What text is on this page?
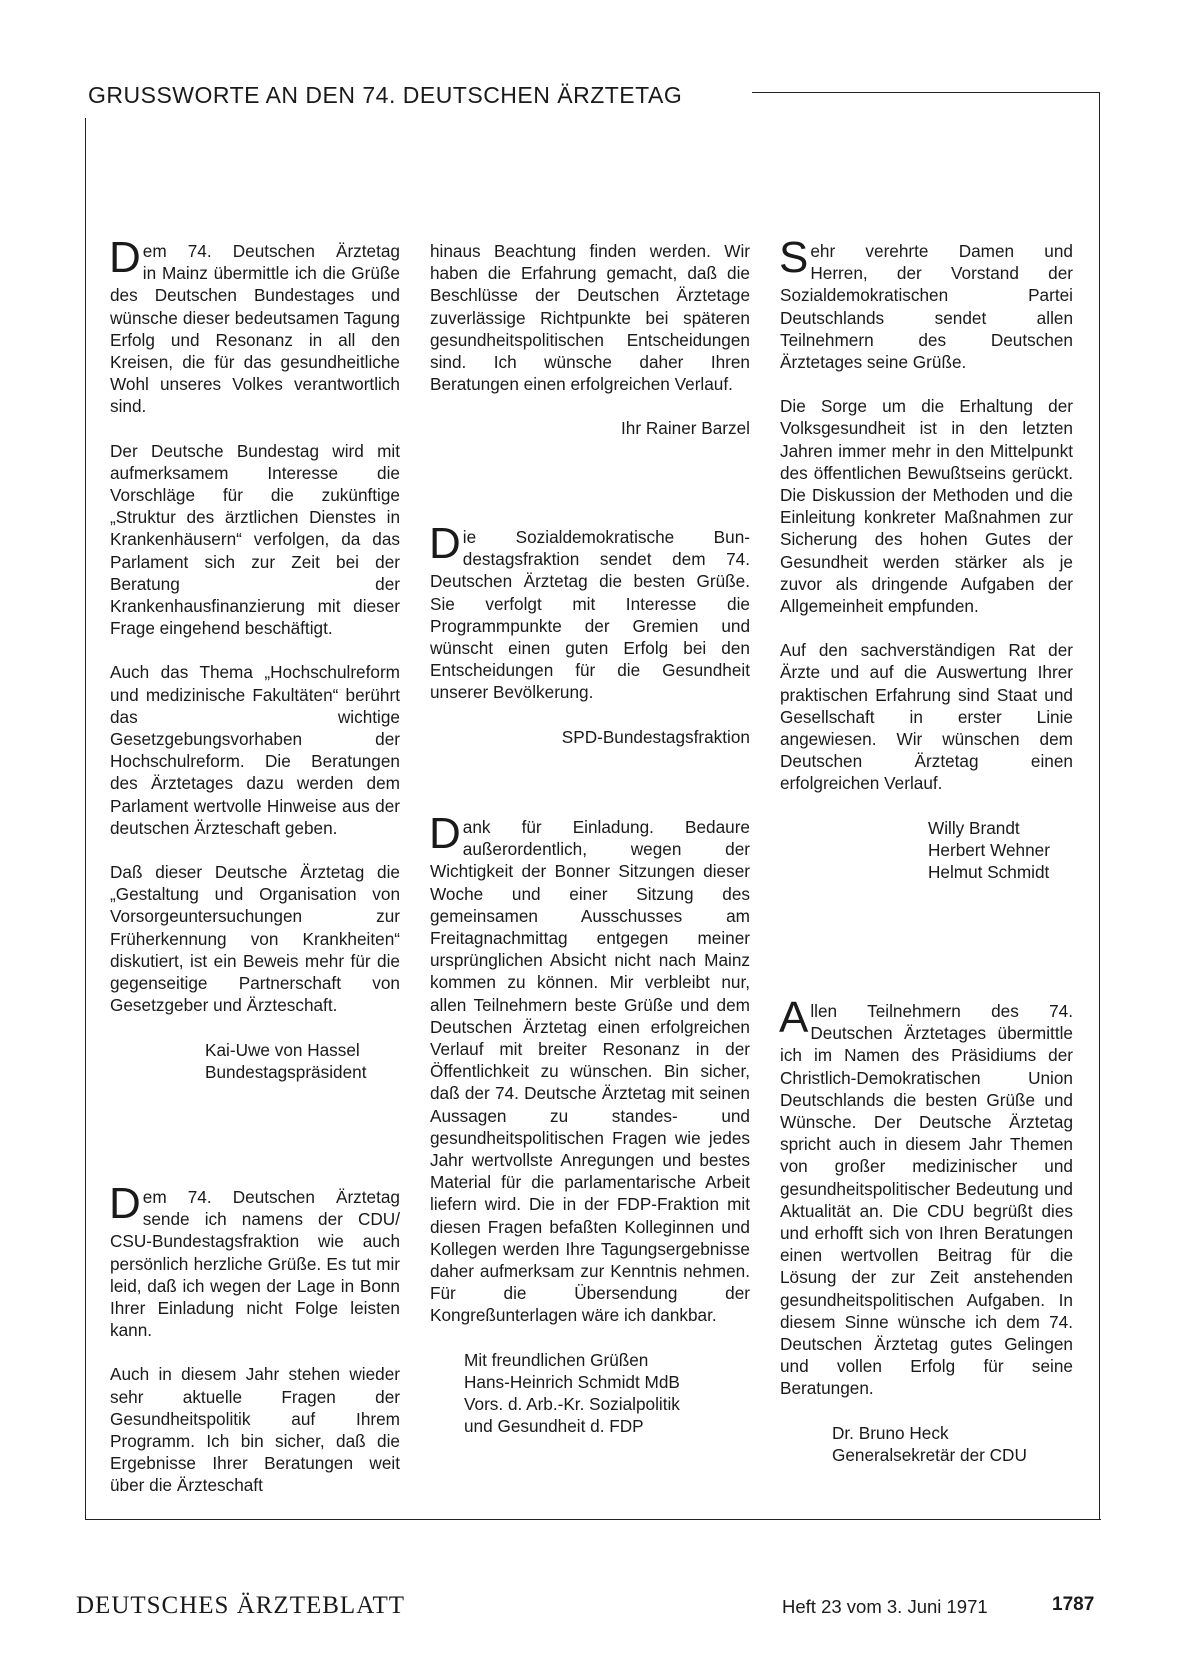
GRUSSWORTE AN DEN 74. DEUTSCHEN ÄRZTETAG

Dem 74. Deutschen Ärztetag

in Mainz übermittle ich die Grüße des Deutschen Bundestages und wünsche dieser bedeutsamen Tagung Erfolg und Resonanz in all den Kreisen, die für das gesundheitliche Wohl unseres Volkes verantwortlich sind.

Der Deutsche Bundestag wird mit aufmerksamem Interesse die Vorschläge für die zukünftige „Struktur des ärztlichen Dienstes in Krankenhäusern“ verfolgen, da das Parlament sich zur Zeit bei der Beratung der Krankenhausfinanzierung mit dieser Frage eingehend beschäftigt.

Auch das Thema „Hochschulreform und medizinische Fakultäten“ berührt das wichtige Gesetzgebungsvorhaben der Hochschulreform. Die Beratungen des Ärztetages dazu werden dem Parlament wertvolle Hinweise aus der deutschen Ärzteschaft geben.

Daß dieser Deutsche Ärztetag die „Gestaltung und Organisation von Vorsorgeuntersuchungen zur Früherkennung von Krankheiten“ diskutiert, ist ein Beweis mehr für die gegenseitige Partnerschaft von Gesetzgeber und Ärzteschaft.

Kai-Uwe von Hassel

Bundestagspräsident

Dem 74. Deutschen Ärztetag

sende ich namens der CDU/ CSU-Bundestagsfraktion wie auch persönlich herzliche Grüße. Es tut mir leid, daß ich wegen der Lage in Bonn Ihrer Einladung nicht Folge leisten kann.

Auch in diesem Jahr stehen wieder sehr aktuelle Fragen der Gesundheitspolitik auf Ihrem Programm. Ich bin sicher, daß die Ergebnisse Ihrer Beratungen weit über die Ärzteschaft

hinaus Beachtung finden werden. Wir haben die Erfahrung gemacht, daß die Beschlüsse der Deutschen Ärztetage zuverlässige Richtpunkte bei späteren gesundheitspolitischen Entscheidungen sind. Ich wünsche daher Ihren Beratungen einen erfolgreichen Verlauf.

Ihr Rainer Barzel

Die Sozialdemokratische Bun-

destagsfraktion sendet dem 74. Deutschen Ärztetag die besten Grüße. Sie verfolgt mit Interesse die Programmpunkte der Gremien und wünscht einen guten Erfolg bei den Entscheidungen für die Gesundheit unserer Bevölkerung.

SPD-Bundestagsfraktion

Dank für Einladung. Bedaure

außerordentlich, wegen der Wichtigkeit der Bonner Sitzungen dieser Woche und einer Sitzung des gemeinsamen Ausschusses am Freitagnachmittag entgegen meiner ursprünglichen Absicht nicht nach Mainz kommen zu können. Mir verbleibt nur, allen Teilnehmern beste Grüße und dem Deutschen Ärztetag einen erfolgreichen Verlauf mit breiter Resonanz in der Öffentlichkeit zu wünschen. Bin sicher, daß der 74. Deutsche Ärztetag mit seinen Aussagen zu standes- und gesundheitspolitischen Fragen wie jedes Jahr wertvollste Anregungen und bestes Material für die parlamentarische Arbeit liefern wird. Die in der FDP-Fraktion mit diesen Fragen befaßten Kolleginnen und Kollegen werden Ihre Tagungsergebnisse daher aufmerksam zur Kenntnis nehmen. Für die Übersendung der Kongreßunterlagen wäre ich dankbar.

Mit freundlichen Grüßen

Hans-Heinrich Schmidt MdB

Vors. d. Arb.-Kr. Sozialpolitik

und Gesundheit d. FDP

Sehr verehrte Damen und

Herren, der Vorstand der Sozialdemokratischen Partei Deutschlands sendet allen Teilnehmern des Deutschen Ärztetages seine Grüße.

Die Sorge um die Erhaltung der Volksgesundheit ist in den letzten Jahren immer mehr in den Mittelpunkt des öffentlichen Bewußtseins gerückt. Die Diskussion der Methoden und die Einleitung konkreter Maßnahmen zur Sicherung des hohen Gutes der Gesundheit werden stärker als je zuvor als dringende Aufgaben der Allgemeinheit empfunden.

Auf den sachverständigen Rat der Ärzte und auf die Auswertung Ihrer praktischen Erfahrung sind Staat und Gesellschaft in erster Linie angewiesen. Wir wünschen dem Deutschen Ärztetag einen erfolgreichen Verlauf.

Willy Brandt

Herbert Wehner

Helmut Schmidt

Allen Teilnehmern des 74.

Deutschen Ärztetages übermittle ich im Namen des Präsidiums der Christlich-Demokratischen Union Deutschlands die besten Grüße und Wünsche. Der Deutsche Ärztetag spricht auch in diesem Jahr Themen von großer medizinischer und gesundheitspolitischer Bedeutung und Aktualität an. Die CDU begrüßt dies und erhofft sich von Ihren Beratungen einen wertvollen Beitrag für die Lösung der zur Zeit anstehenden gesundheitspolitischen Aufgaben. In diesem Sinne wünsche ich dem 74. Deutschen Ärztetag gutes Gelingen und vollen Erfolg für seine Beratungen.

Dr. Bruno Heck

Generalsekretär der CDU

DEUTSCHES ÄRZTEBLATT	Heft 23 vom 3. Juni 1971	1787
